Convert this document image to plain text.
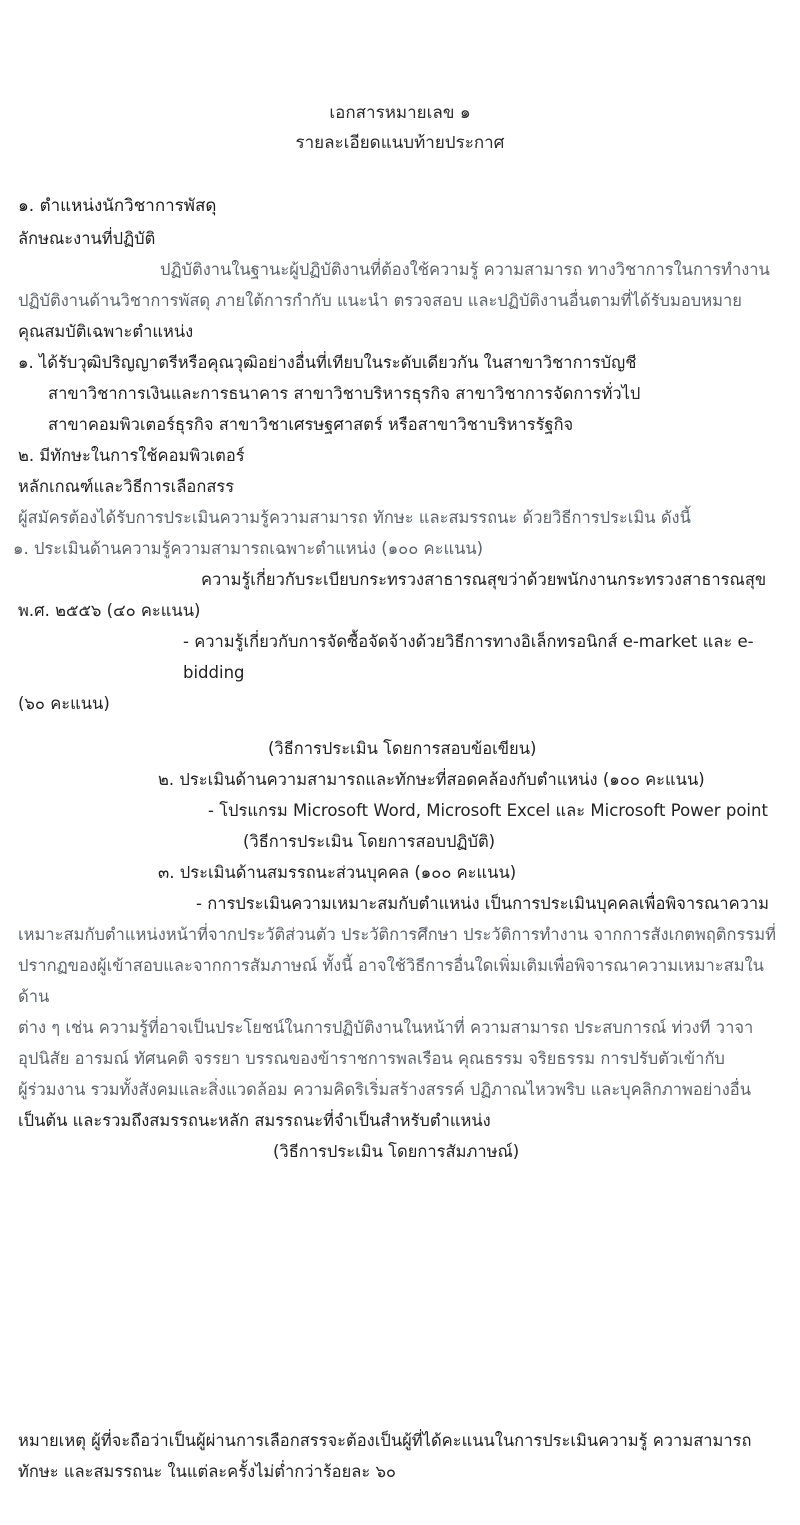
เอกสารหมายเลข ๑
รายละเอียดแนบท้ายประกาศ
๑. ตำแหน่งนักวิชาการพัสดุ

ลักษณะงานที่ปฏิบัติ

ปฏิบัติงานในฐานะผู้ปฏิบัติงานที่ต้องใช้ความรู้ ความสามารถ ทางวิชาการในการทำงาน

ปฏิบัติงานด้านวิชาการพัสดุ ภายใต้การกำกับ แนะนำ ตรวจสอบ และปฏิบัติงานอื่นตามที่ได้รับมอบหมาย

คุณสมบัติเฉพาะตำแหน่ง

๑. ได้รับวุฒิปริญญาตรีหรือคุณวุฒิอย่างอื่นที่เทียบในระดับเดียวกัน ในสาขาวิชาการบัญชี

สาขาวิชาการเงินและการธนาคาร สาขาวิชาบริหารธุรกิจ สาขาวิชาการจัดการทั่วไป

สาขาคอมพิวเตอร์ธุรกิจ สาขาวิชาเศรษฐศาสตร์ หรือสาขาวิชาบริหารรัฐกิจ

๒. มีทักษะในการใช้คอมพิวเตอร์

หลักเกณฑ์และวิธีการเลือกสรร

ผู้สมัครต้องได้รับการประเมินความรู้ความสามารถ ทักษะ และสมรรถนะ ด้วยวิธีการประเมิน ดังนี้

๑. ประเมินด้านความรู้ความสามารถเฉพาะตำแหน่ง (๑๐๐ คะแนน)

ความรู้เกี่ยวกับระเบียบกระทรวงสาธารณสุขว่าด้วยพนักงานกระทรวงสาธารณสุข

พ.ศ. ๒๕๕๖ (๔๐ คะแนน)

- ความรู้เกี่ยวกับการจัดซื้อจัดจ้างด้วยวิธีการทางอิเล็กทรอนิกส์ e-market และ e-bidding

(๖๐ คะแนน)

(วิธีการประเมิน โดยการสอบข้อเขียน)

๒. ประเมินด้านความสามารถและทักษะที่สอดคล้องกับตำแหน่ง (๑๐๐ คะแนน)

- โปรแกรม Microsoft Word, Microsoft Excel และ Microsoft Power point

(วิธีการประเมิน โดยการสอบปฏิบัติ)

๓. ประเมินด้านสมรรถนะส่วนบุคคล (๑๐๐ คะแนน)

- การประเมินความเหมาะสมกับตำแหน่ง เป็นการประเมินบุคคลเพื่อพิจารณาความ

เหมาะสมกับตำแหน่งหน้าที่จากประวัติส่วนตัว ประวัติการศึกษา ประวัติการทำงาน จากการสังเกตพฤติกรรมที่

ปรากฏของผู้เข้าสอบและจากการสัมภาษณ์ ทั้งนี้ อาจใช้วิธีการอื่นใดเพิ่มเติมเพื่อพิจารณาความเหมาะสมในด้าน

ต่าง ๆ เช่น ความรู้ที่อาจเป็นประโยชน์ในการปฏิบัติงานในหน้าที่ ความสามารถ ประสบการณ์ ท่วงที วาจา

อุปนิสัย อารมณ์ ทัศนคติ จรรยา บรรณของข้าราชการพลเรือน คุณธรรม จริยธรรม การปรับตัวเข้ากับ

ผู้ร่วมงาน รวมทั้งสังคมและสิ่งแวดล้อม ความคิดริเริ่มสร้างสรรค์ ปฏิภาณไหวพริบ และบุคลิกภาพอย่างอื่น

เป็นต้น และรวมถึงสมรรถนะหลัก สมรรถนะที่จำเป็นสำหรับตำแหน่ง

(วิธีการประเมิน โดยการสัมภาษณ์)

หมายเหตุ ผู้ที่จะถือว่าเป็นผู้ผ่านการเลือกสรรจะต้องเป็นผู้ที่ได้คะแนนในการประเมินความรู้ ความสามารถ

ทักษะ และสมรรถนะ ในแต่ละครั้งไม่ต่ำกว่าร้อยละ ๖๐
